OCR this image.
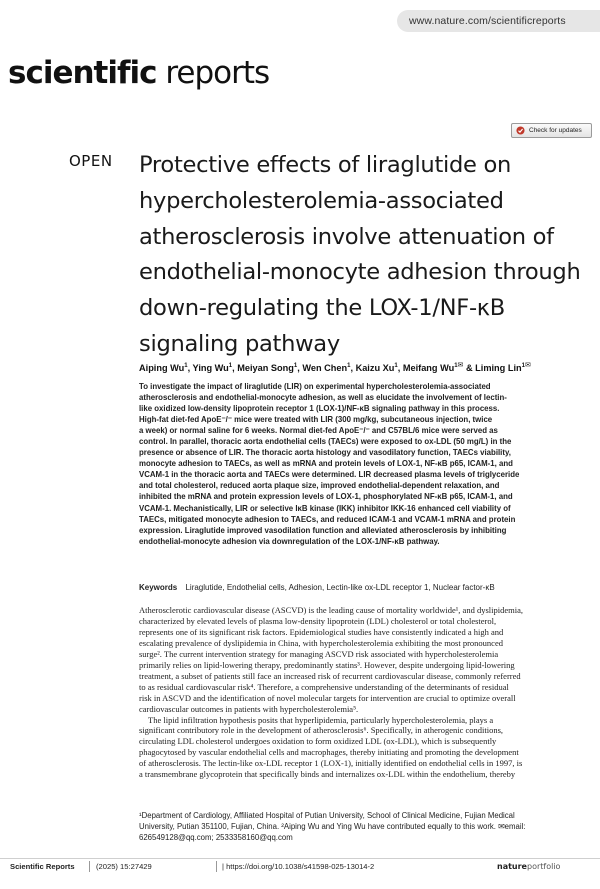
www.nature.com/scientificreports
scientific reports
Check for updates
OPEN Protective effects of liraglutide on hypercholesterolemia-associated atherosclerosis involve attenuation of endothelial-monocyte adhesion through down-regulating the LOX-1/NF-κB signaling pathway
Aiping Wu$^1$, Ying Wu$^1$, Meiyan Song$^1$, Wen Chen$^1$, Kaizu Xu$^1$, Meifang $Wu^{1✉}$ & Liming Lin$^{1✉}$
To investigate the impact of liraglutide (LIR) on experimental hypercholesterolemia-associated
atherosclerosis and endothelial-monocyte adhesion, as well as elucidate the involvement of lectin-
like oxidized low-density lipoprotein receptor 1 (LOX-1)/NF-κB signaling pathway in this process.
High-fat diet-fed ApoE⁻/⁻ mice were treated with LIR (300 mg/kg, subcutaneous injection, twice
a week) or normal saline for 6 weeks. Normal diet-fed ApoE⁻/⁻ and C57BL/6 mice were served as
control. In parallel, thoracic aorta endothelial cells (TAECs) were exposed to ox-LDL (50 mg/L) in the
presence or absence of LIR. The thoracic aorta histology and vasodilatory function, TAECs viability,
monocyte adhesion to TAECs, as well as mRNA and protein levels of LOX-1, NF-κB p65, ICAM-1, and
VCAM-1 in the thoracic aorta and TAECs were determined. LIR decreased plasma levels of triglyceride
and total cholesterol, reduced aorta plaque size, improved endothelial-dependent relaxation, and
inhibited the mRNA and protein expression levels of LOX-1, phosphorylated NF-κB p65, ICAM-1, and
VCAM-1. Mechanistically, LIR or selective IκB kinase (IKK) inhibitor IKK-16 enhanced cell viability of
TAECs, mitigated monocyte adhesion to TAECs, and reduced ICAM-1 and VCAM-1 mRNA and protein
expression. Liraglutide improved vasodilation function and alleviated atherosclerosis by inhibiting
endothelial-monocyte adhesion via downregulation of the LOX-1/NF-κB pathway.
Keywords Liraglutide, Endothelial cells, Adhesion, Lectin-like ox-LDL receptor 1, Nuclear factor-κB
Atherosclerotic cardiovascular disease (ASCVD) is the leading cause of mortality worldwide¹, and dyslipidemia,
characterized by elevated levels of plasma low-density lipoprotein (LDL) cholesterol or total cholesterol,
represents one of its significant risk factors. Epidemiological studies have consistently indicated a high and
escalating prevalence of dyslipidemia in China, with hypercholesterolemia exhibiting the most pronounced
surge². The current intervention strategy for managing ASCVD risk associated with hypercholesterolemia
primarily relies on lipid-lowering therapy, predominantly statins³. However, despite undergoing lipid-lowering
treatment, a subset of patients still face an increased risk of recurrent cardiovascular disease, commonly referred
to as residual cardiovascular risk⁴. Therefore, a comprehensive understanding of the determinants of residual
risk in ASCVD and the identification of novel molecular targets for intervention are crucial to optimize overall
cardiovascular outcomes in patients with hypercholesterolemia⁵.
The lipid infiltration hypothesis posits that hyperlipidemia, particularly hypercholesterolemia, plays a
significant contributory role in the development of atherosclerosis⁶. Specifically, in atherogenic conditions,
circulating LDL cholesterol undergoes oxidation to form oxidized LDL (ox-LDL), which is subsequently
phagocytosed by vascular endothelial cells and macrophages, thereby initiating and promoting the development
of atherosclerosis. The lectin-like ox-LDL receptor 1 (LOX-1), initially identified on endothelial cells in 1997, is
a transmembrane glycoprotein that specifically binds and internalizes ox-LDL within the endothelium, thereby
¹Department of Cardiology, Affiliated Hospital of Putian University, School of Clinical Medicine, Fujian Medical
University, Putian 351100, Fujian, China. ²Aiping Wu and Ying Wu have contributed equally to this work. ✉email:
626549128@qq.com; 2533358160@qq.com
Scientific Reports	(2025) 15:27429	| https://doi.org/10.1038/s41598-025-13014-2	natureportfolio
